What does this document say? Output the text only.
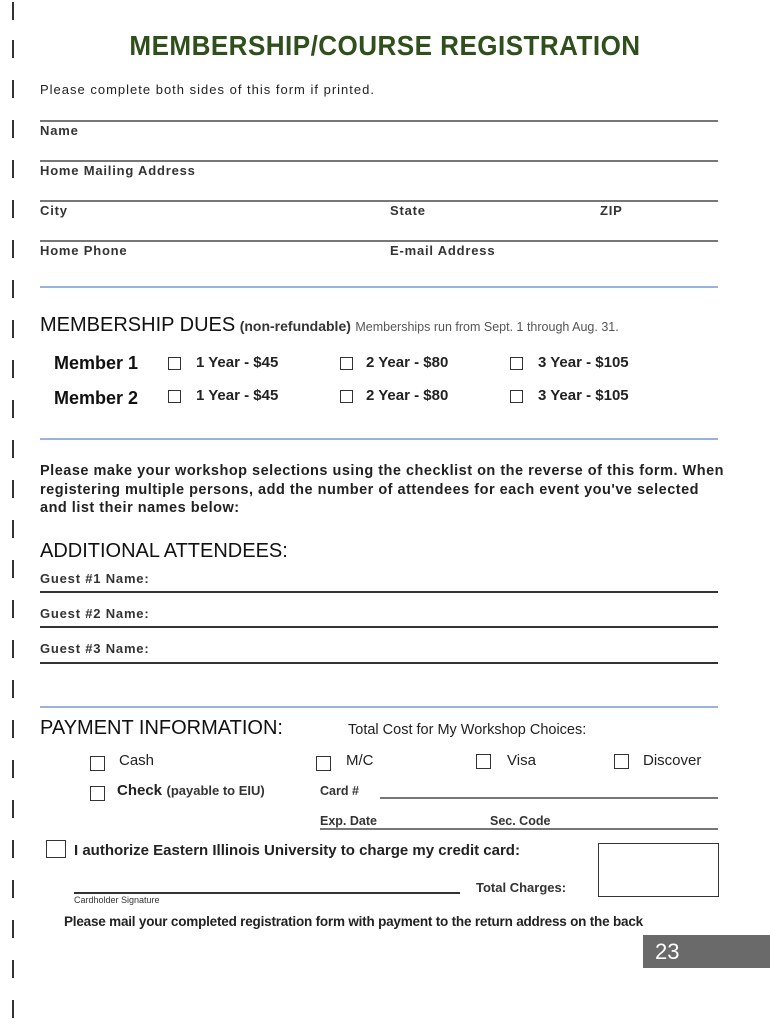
MEMBERSHIP/COURSE REGISTRATION
Please complete both sides of this form if printed.
Name
Home Mailing Address
City	State	ZIP
Home Phone	E-mail Address
MEMBERSHIP DUES (non-refundable) Memberships run from Sept. 1 through Aug. 31.
Member 1	1 Year - $45	2 Year - $80	3 Year - $105
Member 2	1 Year - $45	2 Year - $80	3 Year - $105
Please make your workshop selections using the checklist on the reverse of this form. When registering multiple persons, add the number of attendees for each event you've selected and list their names below:
ADDITIONAL ATTENDEES:
Guest #1 Name:
Guest #2 Name:
Guest #3 Name:
PAYMENT INFORMATION:	Total Cost for My Workshop Choices:
Cash	M/C	Visa	Discover
Check (payable to EIU)	Card #
Exp. Date	Sec. Code
I authorize Eastern Illinois University to charge my credit card:
Cardholder Signature
Total Charges:
Please mail your completed registration form with payment to the return address on the back
23
